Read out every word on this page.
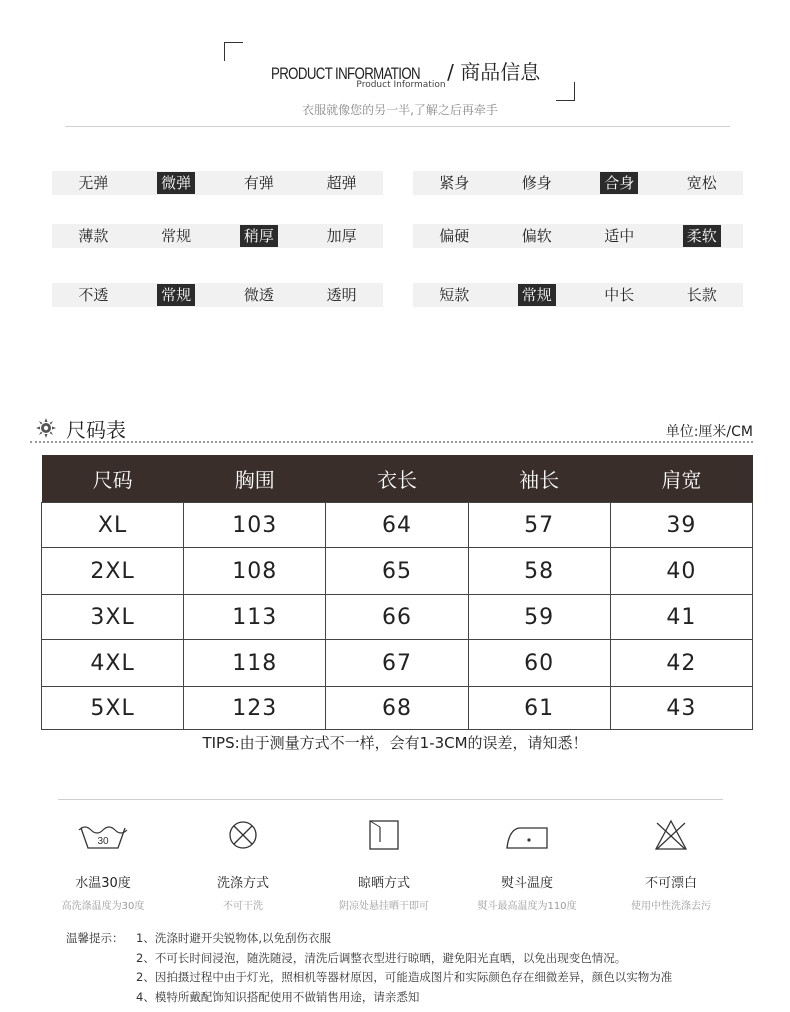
PRODUCT INFORMATION / 商品信息
Product Information
衣服就像您的另一半,了解之后再牵手
无弹	微弹	有弹	超弹	紧身	修身	合身	宽松
薄款	常规	稍厚	加厚	偏硬	偏软	适中	柔软
不透	常规	微透	透明	短款	常规	中长	长款
尺码表	单位:厘米/CM
尺码	胸围	衣长	袖长	肩宽
XL	103	64	57	39
2XL	108	65	58	40
3XL	113	66	59	41
4XL	118	67	60	42
5XL	123	68	61	43
TIPS:由于测量方式不一样，会有1-3CM的误差，请知悉！
30
水温30度
高洗涤温度为30度
洗涤方式
不可干洗
晾晒方式
阴凉处悬挂晒干即可
熨斗温度
熨斗最高温度为110度
不可漂白
使用中性洗涤去污
温馨提示： 1、洗涤时避开尖锐物体,以免刮伤衣服
2、不可长时间浸泡，随洗随浸，清洗后调整衣型进行晾晒，避免阳光直晒，以免出现变色情况。
2、因拍摄过程中由于灯光，照相机等器材原因，可能造成图片和实际颜色存在细微差异，颜色以实物为准
4、模特所戴配饰知识搭配使用不做销售用途，请亲悉知
